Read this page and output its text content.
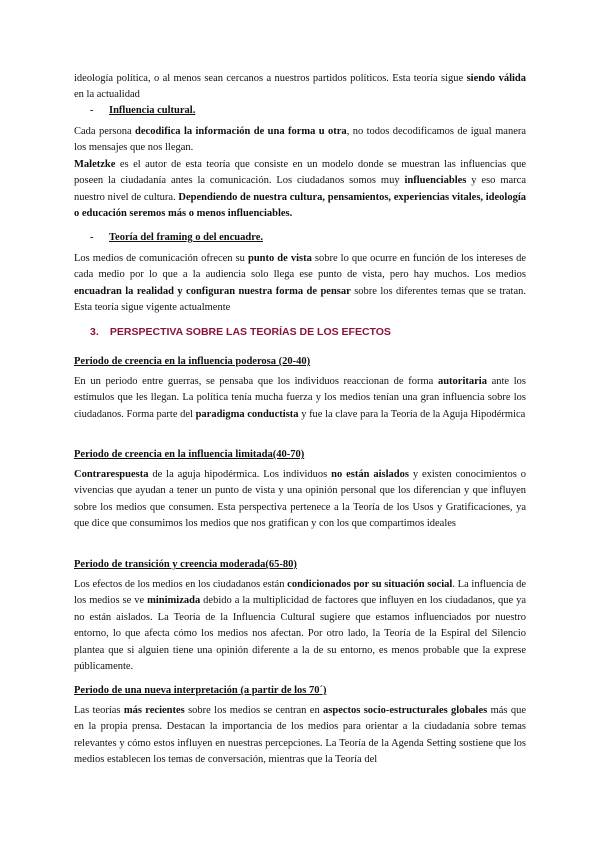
ideología política, o al menos sean cercanos a nuestros partidos políticos. Esta teoría sigue siendo válida en la actualidad

- Influencia cultural.

Cada persona decodifica la información de una forma u otra, no todos decodificamos de igual manera los mensajes que nos llegan.

Maletzke es el autor de esta teoría que consiste en un modelo donde se muestran las influencias que poseen la ciudadanía antes la comunicación. Los ciudadanos somos muy influenciables y eso marca nuestro nivel de cultura. Dependiendo de nuestra cultura, pensamientos, experiencias vitales, ideología o educación seremos más o menos influenciables.

- Teoría del framing o del encuadre.

Los medios de comunicación ofrecen su punto de vista sobre lo que ocurre en función de los intereses de cada medio por lo que a la audiencia solo llega ese punto de vista, pero hay muchos. Los medios encuadran la realidad y configuran nuestra forma de pensar sobre los diferentes temas que se tratan. Esta teoría sigue vigente actualmente

3. PERSPECTIVA SOBRE LAS TEORÍAS DE LOS EFECTOS
Periodo de creencia en la influencia poderosa (20-40)

En un periodo entre guerras, se pensaba que los individuos reaccionan de forma autoritaria ante los estímulos que les llegan. La política tenía mucha fuerza y los medios tenían una gran influencia sobre los ciudadanos. Forma parte del paradigma conductista y fue la clave para la Teoría de la Aguja Hipodérmica

Periodo de creencia en la influencia limitada(40-70)

Contrarespuesta de la aguja hipodérmica. Los individuos no están aislados y existen conocimientos o vivencias que ayudan a tener un punto de vista y una opinión personal que los diferencian y que influyen sobre los medios que consumen. Esta perspectiva pertenece a la Teoría de los Usos y Gratificaciones, ya que dice que consumimos los medios que nos gratifican y con los que compartimos ideales

Periodo de transición y creencia moderada(65-80)

Los efectos de los medios en los ciudadanos están condicionados por su situación social. La influencia de los medios se ve minimizada debido a la multiplicidad de factores que influyen en los ciudadanos, que ya no están aislados. La Teoría de la Influencia Cultural sugiere que estamos influenciados por nuestro entorno, lo que afecta cómo los medios nos afectan. Por otro lado, la Teoría de la Espiral del Silencio plantea que si alguien tiene una opinión diferente a la de su entorno, es menos probable que la exprese públicamente.

Periodo de una nueva interpretación (a partir de los 70´)

Las teorías más recientes sobre los medios se centran en aspectos socio-estructurales globales más que en la propia prensa. Destacan la importancia de los medios para orientar a la ciudadanía sobre temas relevantes y cómo estos influyen en nuestras percepciones. La Teoría de la Agenda Setting sostiene que los medios establecen los temas de conversación, mientras que la Teoría del
